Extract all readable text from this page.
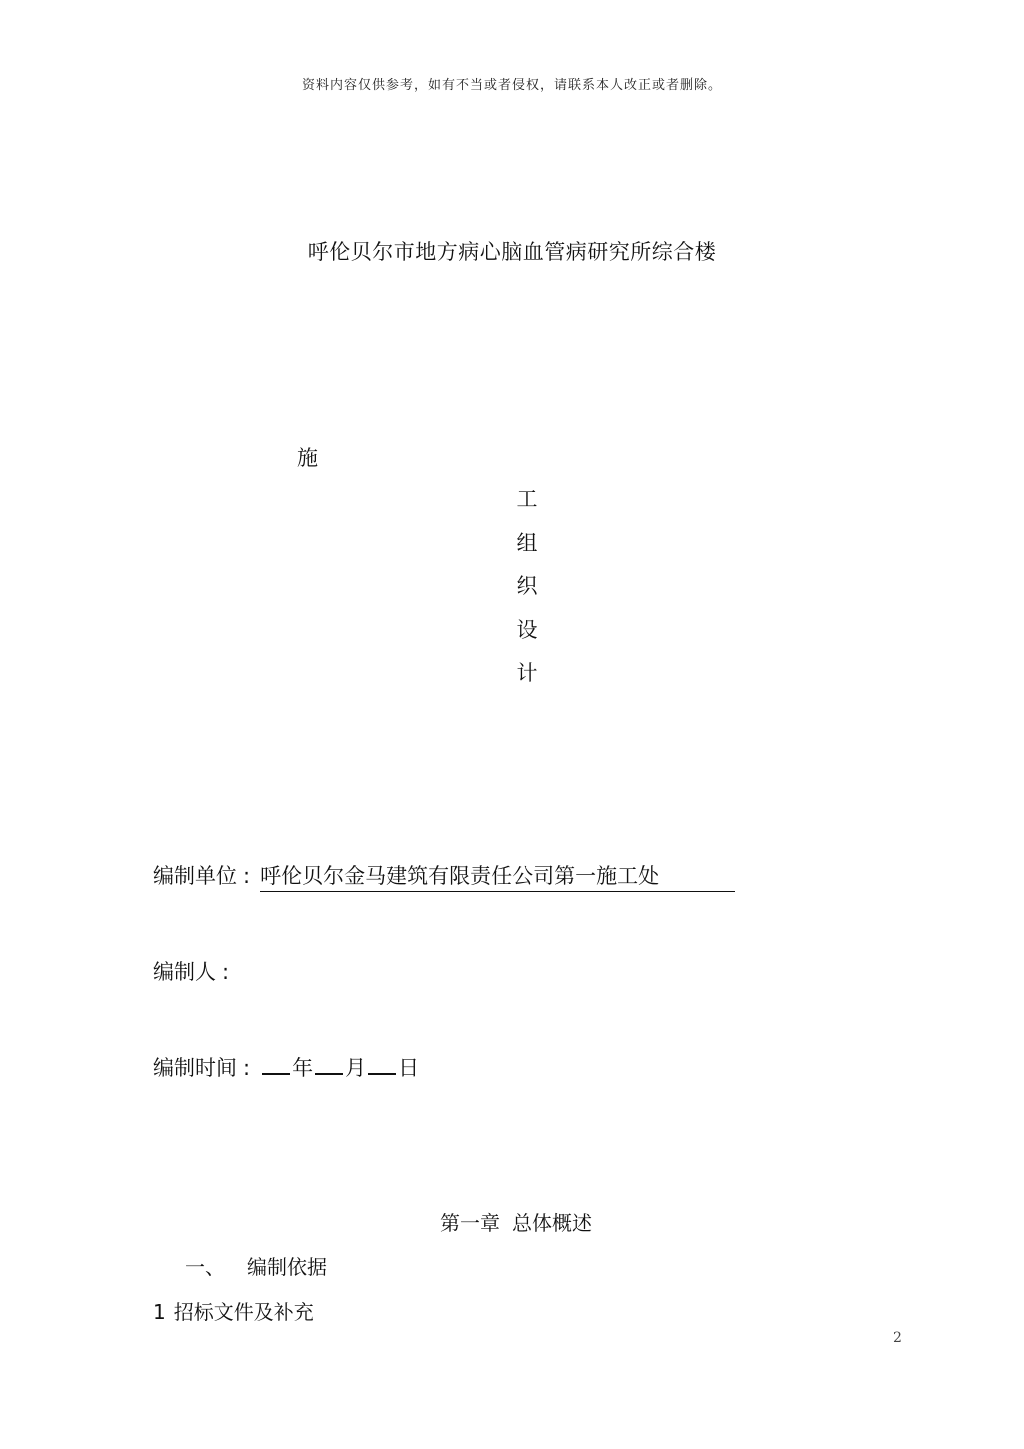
资料内容仅供参考，如有不当或者侵权，请联系本人改正或者删除。
呼伦贝尔市地方病心脑血管病研究所综合楼
施
工
组
织
设
计
编制单位 : 呼伦贝尔金马建筑有限责任公司第一施工处
编制人 :
编制时间 : 年 月 日
第一章 总体概述
一、 编制依据
1 招标文件及补充
2
